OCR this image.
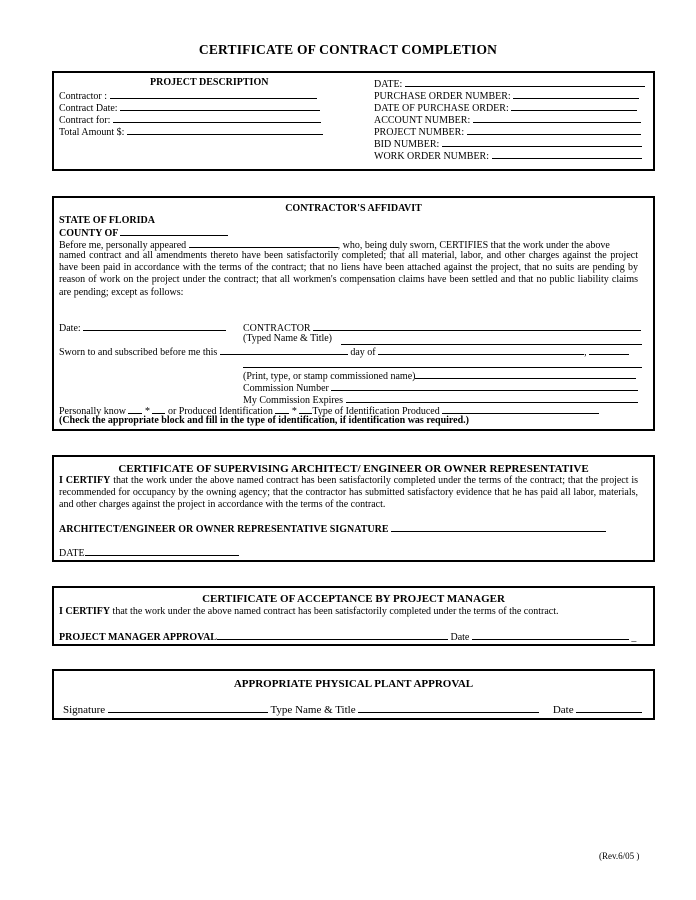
CERTIFICATE OF CONTRACT COMPLETION
PROJECT DESCRIPTION
Contractor :
Contract Date:
Contract for:
Total Amount $:
DATE:
PURCHASE ORDER NUMBER:
DATE OF PURCHASE ORDER:
ACCOUNT NUMBER:
PROJECT NUMBER:
BID NUMBER:
WORK ORDER NUMBER:
CONTRACTOR'S AFFIDAVIT
STATE OF FLORIDA
COUNTY OF
Before me, personally appeared	, who, being duly sworn, CERTIFIES that the work under the above
named contract and all amendments thereto have been satisfactorily completed; that all material, labor, and other charges against the project have been paid in accordance with the terms of the contract; that no liens have been attached against the project, that no suits are pending by reason of work on the project under the contract; that all workmen's compensation claims have been settled and that no public liability claims are pending; except as follows:
Date:	CONTRACTOR
(Typed Name & Title)
Sworn to and subscribed before me this	day of	,
(Print, type, or stamp commissioned name)
Commission Number
My Commission Expires
Personally know * or Produced Identification * Type of Identification Produced
(Check the appropriate block and fill in the type of identification, if identification was required.)
CERTIFICATE OF SUPERVISING ARCHITECT/ ENGINEER OR OWNER REPRESENTATIVE
I CERTIFY that the work under the above named contract has been satisfactorily completed under the terms of the contract; that the project is recommended for occupancy by the owning agency; that the contractor has submitted satisfactory evidence that he has paid all labor, materials, and other charges against the project in accordance with the terms of the contract.
ARCHITECT/ENGINEER OR OWNER REPRESENTATIVE SIGNATURE
DATE
CERTIFICATE OF ACCEPTANCE BY PROJECT MANAGER
I CERTIFY that the work under the above named contract has been satisfactorily completed under the terms of the contract.
PROJECT MANAGER APPROVAL	Date	_
APPROPRIATE PHYSICAL PLANT APPROVAL
Signature	Type Name & Title	Date
(Rev.6/05 )
